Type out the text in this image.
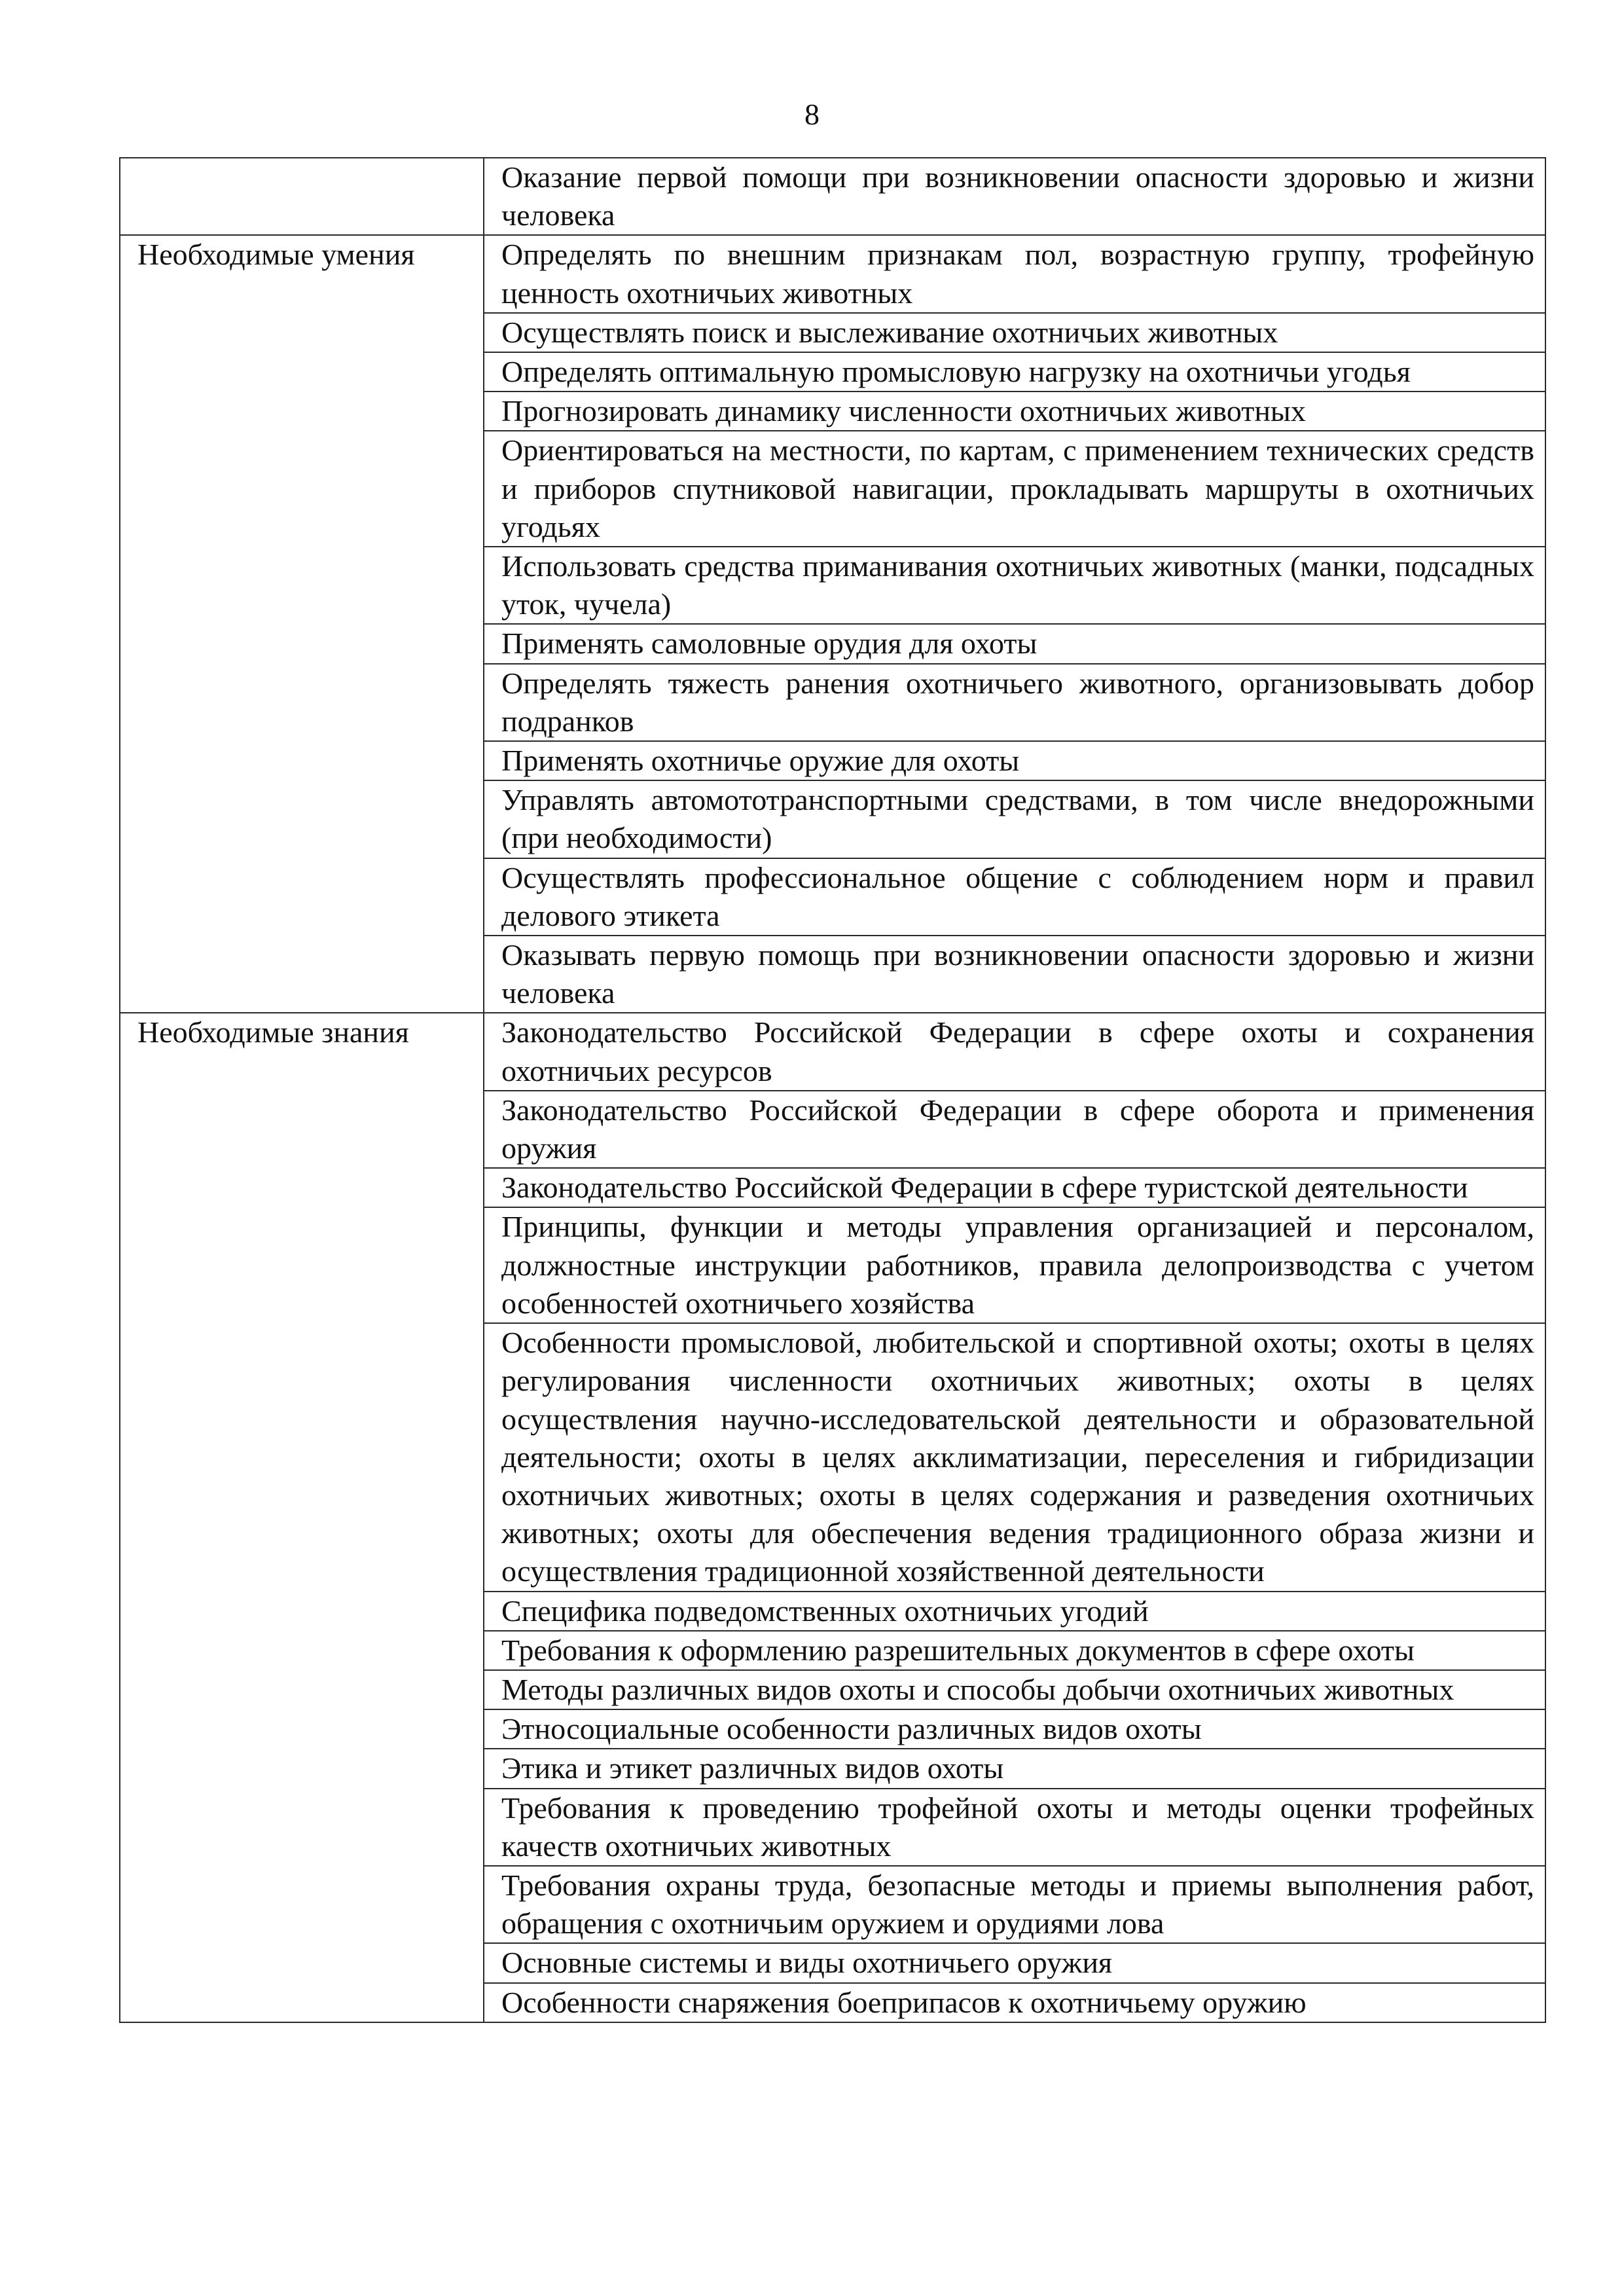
8

	Оказание первой помощи при возникновении опасности здоровью и жизни человека

Необходимые умения	Определять по внешним признакам пол, возрастную группу, трофейную ценность охотничьих животных

	Осуществлять поиск и выслеживание охотничьих животных

	Определять оптимальную промысловую нагрузку на охотничьи угодья

	Прогнозировать динамику численности охотничьих животных

	Ориентироваться на местности, по картам, с применением технических средств и приборов спутниковой навигации, прокладывать маршруты в охотничьих угодьях

	Использовать средства приманивания охотничьих животных (манки, подсадных уток, чучела)

	Применять самоловные орудия для охоты

	Определять тяжесть ранения охотничьего животного, организовывать добор подранков

	Применять охотничье оружие для охоты

	Управлять автомототранспортными средствами, в том числе внедорожными (при необходимости)

	Осуществлять профессиональное общение с соблюдением норм и правил делового этикета

	Оказывать первую помощь при возникновении опасности здоровью и жизни человека

Необходимые знания	Законодательство Российской Федерации в сфере охоты и сохранения охотничьих ресурсов

	Законодательство Российской Федерации в сфере оборота и применения оружия

	Законодательство Российской Федерации в сфере туристской деятельности

	Принципы, функции и методы управления организацией и персоналом, должностные инструкции работников, правила делопроизводства с учетом особенностей охотничьего хозяйства

	Особенности промысловой, любительской и спортивной охоты; охоты в целях регулирования численности охотничьих животных; охоты в целях осуществления научно-исследовательской деятельности и образовательной деятельности; охоты в целях акклиматизации, переселения и гибридизации охотничьих животных; охоты в целях содержания и разведения охотничьих животных; охоты для обеспечения ведения традиционного образа жизни и осуществления традиционной хозяйственной деятельности

	Специфика подведомственных охотничьих угодий

	Требования к оформлению разрешительных документов в сфере охоты

	Методы различных видов охоты и способы добычи охотничьих животных

	Этносоциальные особенности различных видов охоты

	Этика и этикет различных видов охоты

	Требования к проведению трофейной охоты и методы оценки трофейных качеств охотничьих животных

	Требования охраны труда, безопасные методы и приемы выполнения работ, обращения с охотничьим оружием и орудиями лова

	Основные системы и виды охотничьего оружия

	Особенности снаряжения боеприпасов к охотничьему оружию
